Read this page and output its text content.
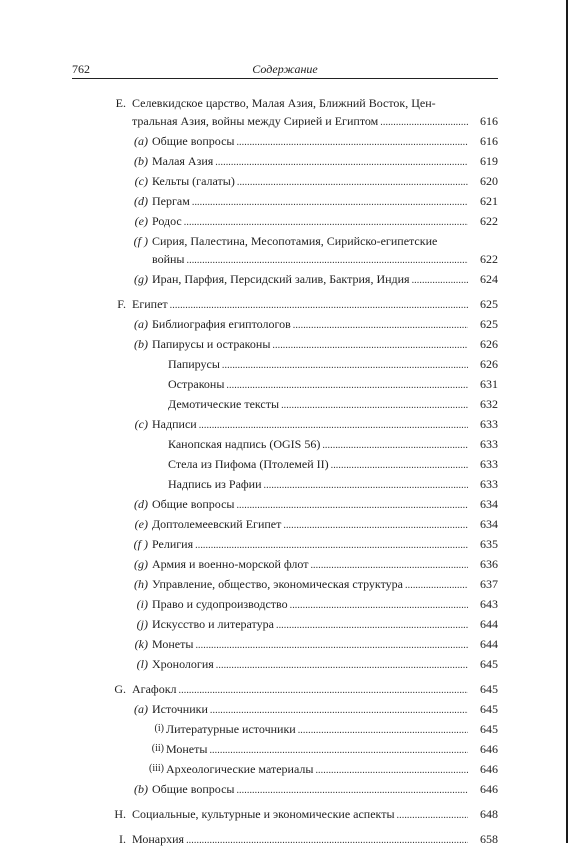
762	Содержание
E. Селевкидское царство, Малая Азия, Ближний Восток, Цен-
тральная Азия, войны между Сирией и Египтом . . .	616
(a) Общие вопросы . . .	616
(b) Малая Азия . . .	619
(c) Кельты (галаты) . . .	620
(d) Пергам . . .	621
(e) Родос . . .	622
(f ) Сирия, Палестина, Месопотамия, Сирийско-египетские
войны . . .	622
(g) Иран, Парфия, Персидский залив, Бактрия, Индия . . .	624
F. Египет . . .	625
(a) Библиография египтологов . . .	625
(b) Папирусы и остраконы . . .	626
Папирусы . . .	626
Остраконы . . .	631
Демотические тексты . . .	632
(c) Надписи . . .	633
Канопская надпись (OGIS 56) . . .	633
Стела из Пифома (Птолемей II) . . .	633
Надпись из Рафии . . .	633
(d) Общие вопросы . . .	634
(e) Доптолемеевский Египет . . .	634
(f ) Религия . . .	635
(g) Армия и военно-морской флот . . .	636
(h) Управление, общество, экономическая структура . . .	637
(i) Право и судопроизводство . . .	643
(j) Искусство и литература . . .	644
(k) Монеты . . .	644
(l) Хронология . . .	645
G. Агафокл . . .	645
(a) Источники . . .	645
(i) Литературные источники . . .	645
(ii) Монеты . . .	646
(iii) Археологические материалы . . .	646
(b) Общие вопросы . . .	646
H. Социальные, культурные и экономические аспекты . . .	648
I. Монархия . . .	658
